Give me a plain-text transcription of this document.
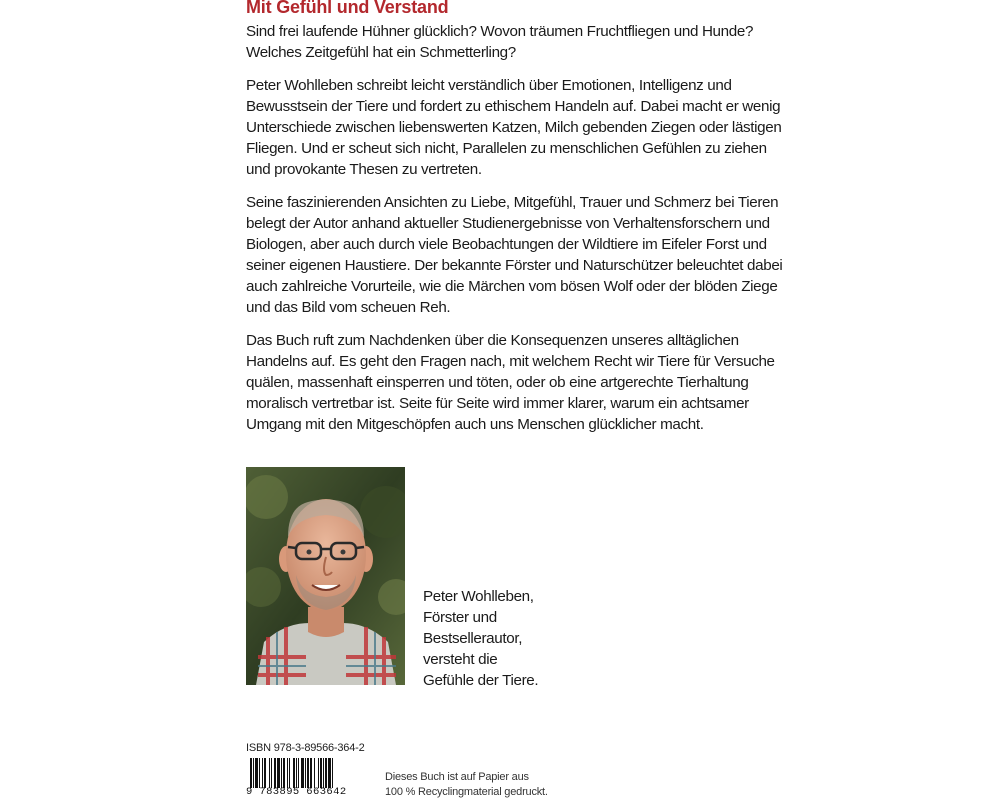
Mit Gefühl und Verstand

Sind frei laufende Hühner glücklich? Wovon träumen Fruchtfliegen und Hunde? Welches Zeitgefühl hat ein Schmetterling?

Peter Wohlleben schreibt leicht verständlich über Emotionen, Intelligenz und Bewusstsein der Tiere und fordert zu ethischem Handeln auf. Dabei macht er wenig Unterschiede zwischen liebenswerten Katzen, Milch gebenden Ziegen oder lästigen Fliegen. Und er scheut sich nicht, Parallelen zu menschlichen Gefühlen zu ziehen und provokante Thesen zu vertreten.

Seine faszinierenden Ansichten zu Liebe, Mitgefühl, Trauer und Schmerz bei Tieren belegt der Autor anhand aktueller Studienergebnisse von Verhaltensforschern und Biologen, aber auch durch viele Beobachtungen der Wildtiere im Eifeler Forst und seiner eigenen Haustiere. Der bekannte Förster und Naturschützer beleuchtet dabei auch zahlreiche Vorurteile, wie die Märchen vom bösen Wolf oder der blöden Ziege und das Bild vom scheuen Reh.

Das Buch ruft zum Nachdenken über die Konsequenzen unseres alltäglichen Handelns auf. Es geht den Fragen nach, mit welchem Recht wir Tiere für Versuche quälen, massenhaft einsperren und töten, oder ob eine artgerechte Tierhaltung moralisch vertretbar ist. Seite für Seite wird immer klarer, warum ein achtsamer Umgang mit den Mitgeschöpfen auch uns Menschen glücklicher macht.

Peter Wohlleben,
Förster und
Bestsellerautor,
versteht die
Gefühle der Tiere.
ISBN 978-3-89566-364-2
9 783895 663642
Dieses Buch ist auf Papier aus
100 % Recyclingmaterial gedruckt.
